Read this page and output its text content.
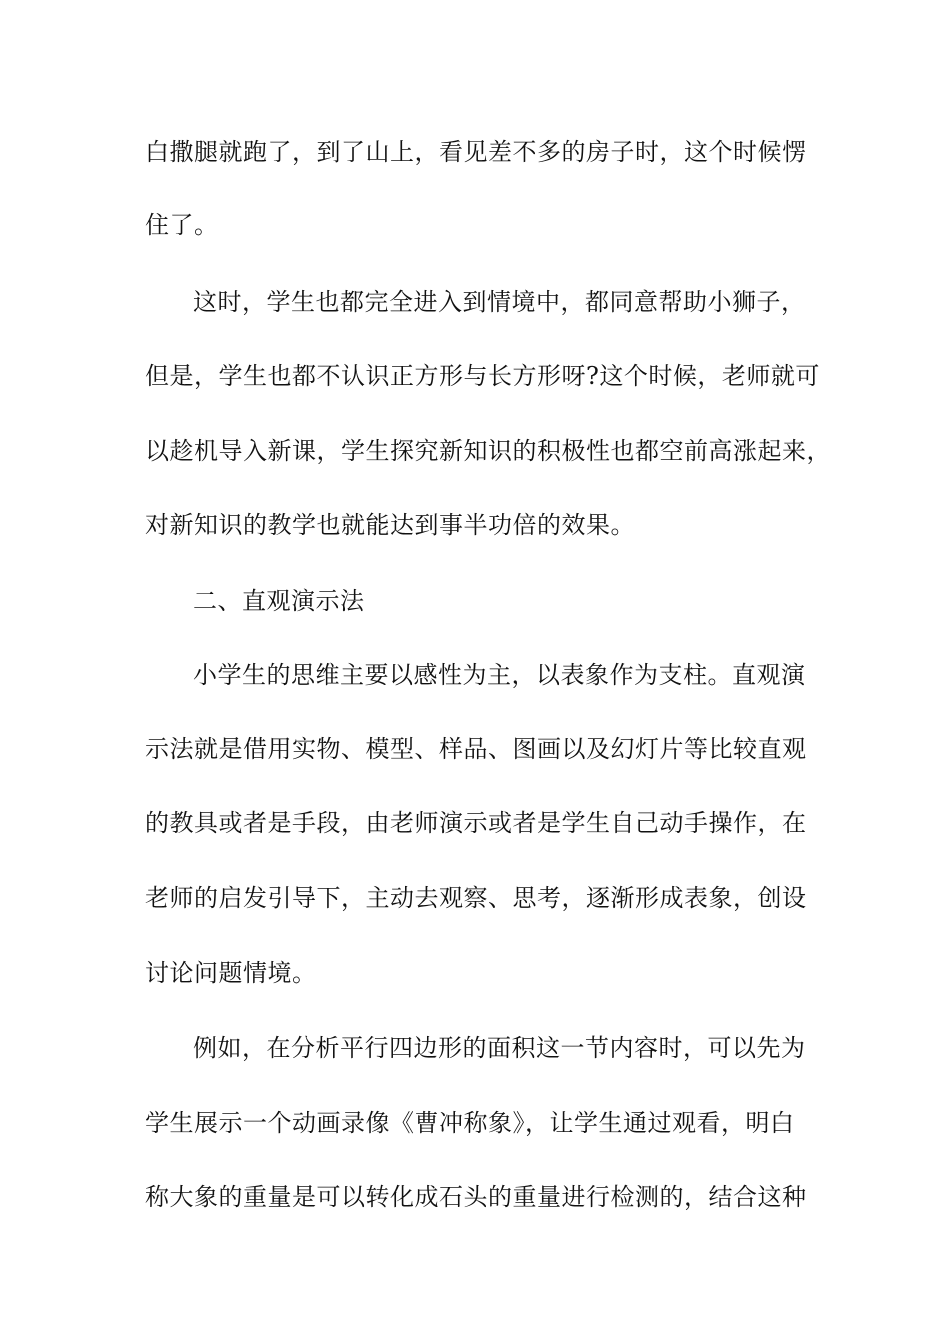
白撒腿就跑了，到了山上，看见差不多的房子时，这个时候愣
住了。
这时，学生也都完全进入到情境中，都同意帮助小狮子，
但是，学生也都不认识正方形与长方形呀?这个时候，老师就可
以趁机导入新课，学生探究新知识的积极性也都空前高涨起来，
对新知识的教学也就能达到事半功倍的效果。
二、直观演示法
小学生的思维主要以感性为主，以表象作为支柱。直观演
示法就是借用实物、模型、样品、图画以及幻灯片等比较直观
的教具或者是手段，由老师演示或者是学生自己动手操作，在
老师的启发引导下，主动去观察、思考，逐渐形成表象，创设
讨论问题情境。
例如，在分析平行四边形的面积这一节内容时，可以先为
学生展示一个动画录像《曹冲称象》，让学生通过观看，明白
称大象的重量是可以转化成石头的重量进行检测的，结合这种
